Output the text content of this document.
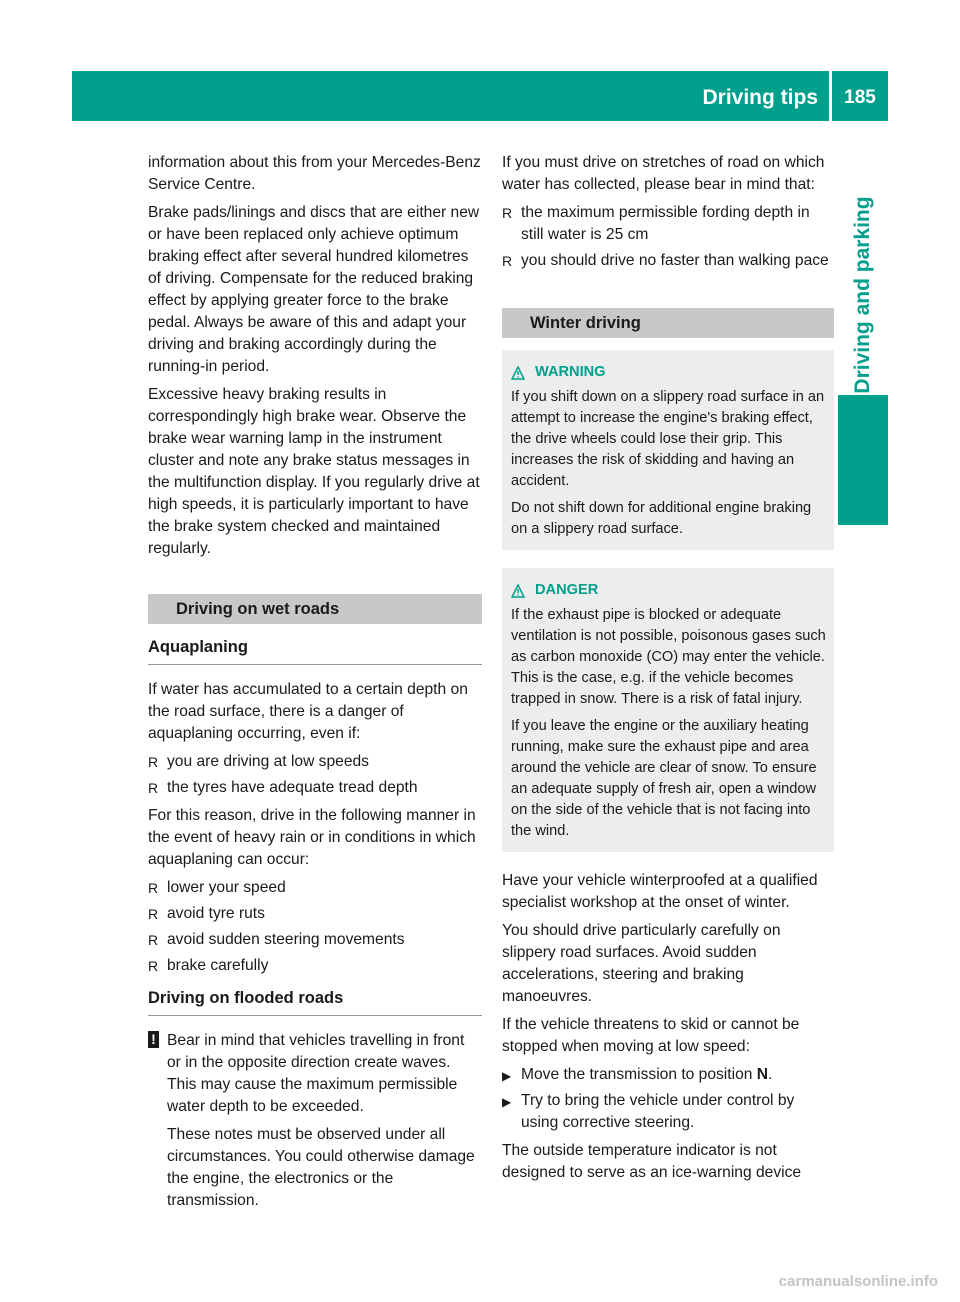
Driving tips	185
Driving and parking

information about this from your Mercedes-Benz Service Centre.

Brake pads/linings and discs that are either new or have been replaced only achieve optimum braking effect after several hundred kilometres of driving. Compensate for the reduced braking effect by applying greater force to the brake pedal. Always be aware of this and adapt your driving and braking accordingly during the running-in period.

Excessive heavy braking results in correspondingly high brake wear. Observe the brake wear warning lamp in the instrument cluster and note any brake status messages in the multifunction display. If you regularly drive at high speeds, it is particularly important to have the brake system checked and maintained regularly.

Driving on wet roads
Aquaplaning

If water has accumulated to a certain depth on the road surface, there is a danger of aquaplaning occurring, even if:

R you are driving at low speeds
R the tyres have adequate tread depth

For this reason, drive in the following manner in the event of heavy rain or in conditions in which aquaplaning can occur:

R lower your speed
R avoid tyre ruts
R avoid sudden steering movements
R brake carefully
Driving on flooded roads
! Bear in mind that vehicles travelling in front or in the opposite direction create waves. This may cause the maximum permissible water depth to be exceeded.

These notes must be observed under all circumstances. You could otherwise damage the engine, the electronics or the transmission.

If you must drive on stretches of road on which water has collected, please bear in mind that:

R the maximum permissible fording depth in still water is 25 cm
R you should drive no faster than walking pace
Winter driving
WARNING

If you shift down on a slippery road surface in an attempt to increase the engine's braking effect, the drive wheels could lose their grip. This increases the risk of skidding and having an accident.

Do not shift down for additional engine braking on a slippery road surface.

DANGER

If the exhaust pipe is blocked or adequate ventilation is not possible, poisonous gases such as carbon monoxide (CO) may enter the vehicle. This is the case, e.g. if the vehicle becomes trapped in snow. There is a risk of fatal injury.

If you leave the engine or the auxiliary heating running, make sure the exhaust pipe and area around the vehicle are clear of snow. To ensure an adequate supply of fresh air, open a window on the side of the vehicle that is not facing into the wind.

Have your vehicle winterproofed at a qualified specialist workshop at the onset of winter.

You should drive particularly carefully on slippery road surfaces. Avoid sudden accelerations, steering and braking manoeuvres.

If the vehicle threatens to skid or cannot be stopped when moving at low speed:

▶ Move the transmission to position N.
▶ Try to bring the vehicle under control by using corrective steering.

The outside temperature indicator is not designed to serve as an ice-warning device

carmanualsonline.info
